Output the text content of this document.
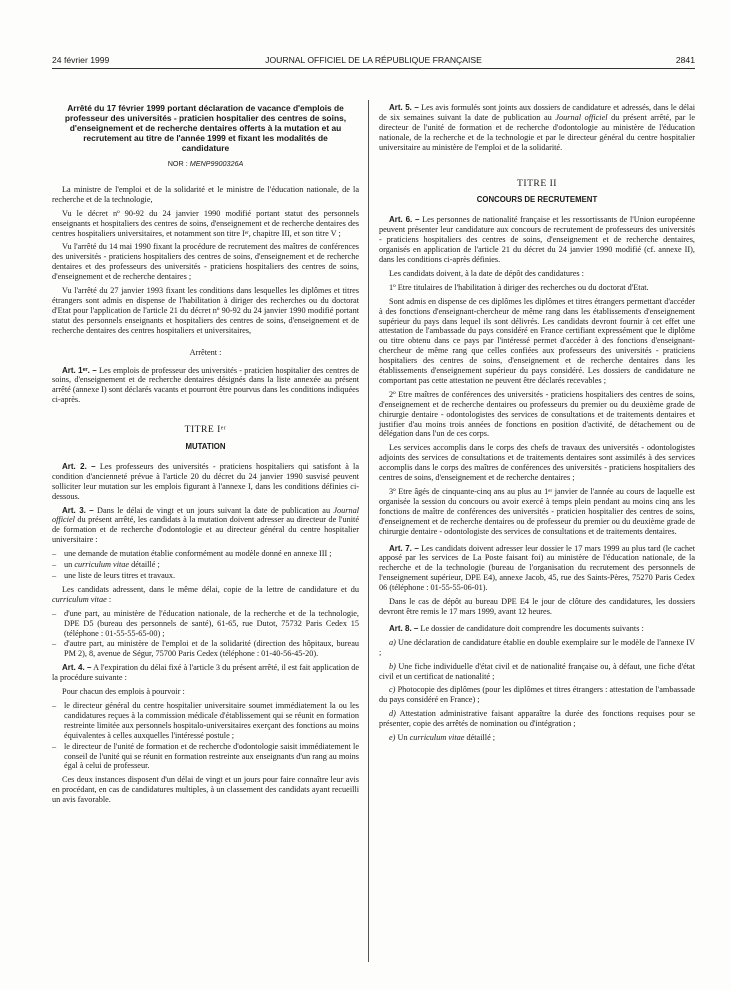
24 février 1999	JOURNAL OFFICIEL DE LA RÉPUBLIQUE FRANÇAISE	2841
Arrêté du 17 février 1999 portant déclaration de vacance d'emplois de professeur des universités - praticien hospitalier des centres de soins, d'enseignement et de recherche dentaires offerts à la mutation et au recrutement au titre de l'année 1999 et fixant les modalités de candidature
NOR : MENP9900326A

La ministre de l'emploi et de la solidarité et le ministre de l'éducation nationale, de la recherche et de la technologie,

Vu le décret nº 90-92 du 24 janvier 1990 modifié portant statut des personnels enseignants et hospitaliers des centres de soins, d'enseignement et de recherche dentaires des centres hospitaliers universitaires, et notamment son titre Iᵉʳ, chapitre III, et son titre V ;

Vu l'arrêté du 14 mai 1990 fixant la procédure de recrutement des maîtres de conférences des universités - praticiens hospitaliers des centres de soins, d'enseignement et de recherche dentaires et des professeurs des universités - praticiens hospitaliers des centres de soins, d'enseignement et de recherche dentaires ;

Vu l'arrêté du 27 janvier 1993 fixant les conditions dans lesquelles les diplômes et titres étrangers sont admis en dispense de l'habilitation à diriger des recherches ou du doctorat d'Etat pour l'application de l'article 21 du décret nº 90-92 du 24 janvier 1990 modifié portant statut des personnels enseignants et hospitaliers des centres de soins, d'enseignement et de recherche dentaires des centres hospitaliers et universitaires,

Arrêtent :

Art. 1ᵉʳ. – Les emplois de professeur des universités - praticien hospitalier des centres de soins, d'enseignement et de recherche dentaires désignés dans la liste annexée au présent arrêté (annexe I) sont déclarés vacants et pourront être pourvus dans les conditions indiquées ci-après.

TITRE Iᵉʳ
MUTATION

Art. 2. – Les professeurs des universités - praticiens hospitaliers qui satisfont à la condition d'ancienneté prévue à l'article 20 du décret du 24 janvier 1990 susvisé peuvent solliciter leur mutation sur les emplois figurant à l'annexe I, dans les conditions définies ci-dessous.

Art. 3. – Dans le délai de vingt et un jours suivant la date de publication au Journal officiel du présent arrêté, les candidats à la mutation doivent adresser au directeur de l'unité de formation et de recherche d'odontologie et au directeur général du centre hospitalier universitaire :

– une demande de mutation établie conformément au modèle donné en annexe III ;
– un curriculum vitae détaillé ;
– une liste de leurs titres et travaux.

Les candidats adressent, dans le même délai, copie de la lettre de candidature et du curriculum vitae :

– d'une part, au ministère de l'éducation nationale, de la recherche et de la technologie, DPE D5 (bureau des personnels de santé), 61-65, rue Dutot, 75732 Paris Cedex 15 (téléphone : 01-55-55-65-00) ;
– d'autre part, au ministère de l'emploi et de la solidarité (direction des hôpitaux, bureau PM 2), 8, avenue de Ségur, 75700 Paris Cedex (téléphone : 01-40-56-45-20).

Art. 4. – A l'expiration du délai fixé à l'article 3 du présent arrêté, il est fait application de la procédure suivante :

Pour chacun des emplois à pourvoir :

– le directeur général du centre hospitalier universitaire soumet immédiatement la ou les candidatures reçues à la commission médicale d'établissement qui se réunit en formation restreinte limitée aux personnels hospitalo-universitaires exerçant des fonctions au moins équivalentes à celles auxquelles l'intéressé postule ;
– le directeur de l'unité de formation et de recherche d'odontologie saisit immédiatement le conseil de l'unité qui se réunit en formation restreinte aux enseignants d'un rang au moins égal à celui de professeur.

Ces deux instances disposent d'un délai de vingt et un jours pour faire connaître leur avis en procédant, en cas de candidatures multiples, à un classement des candidats ayant recueilli un avis favorable.

Art. 5. – Les avis formulés sont joints aux dossiers de candidature et adressés, dans le délai de six semaines suivant la date de publication au Journal officiel du présent arrêté, par le directeur de l'unité de formation et de recherche d'odontologie au ministère de l'éducation nationale, de la recherche et de la technologie et par le directeur général du centre hospitalier universitaire au ministère de l'emploi et de la solidarité.

TITRE II
CONCOURS DE RECRUTEMENT

Art. 6. – Les personnes de nationalité française et les ressortissants de l'Union européenne peuvent présenter leur candidature aux concours de recrutement de professeurs des universités - praticiens hospitaliers des centres de soins, d'enseignement et de recherche dentaires, organisés en application de l'article 21 du décret du 24 janvier 1990 modifié (cf. annexe II), dans les conditions ci-après définies.

Les candidats doivent, à la date de dépôt des candidatures :

1º Etre titulaires de l'habilitation à diriger des recherches ou du doctorat d'Etat.

Sont admis en dispense de ces diplômes les diplômes et titres étrangers permettant d'accéder à des fonctions d'enseignant-chercheur de même rang dans les établissements d'enseignement supérieur du pays dans lequel ils sont délivrés. Les candidats devront fournir à cet effet une attestation de l'ambassade du pays considéré en France certifiant expressément que le diplôme ou titre obtenu dans ce pays par l'intéressé permet d'accéder à des fonctions d'enseignant-chercheur de même rang que celles confiées aux professeurs des universités - praticiens hospitaliers des centres de soins, d'enseignement et de recherche dentaires dans les établissements d'enseignement supérieur du pays considéré. Les dossiers de candidature ne comportant pas cette attestation ne peuvent être déclarés recevables ;

2º Etre maîtres de conférences des universités - praticiens hospitaliers des centres de soins, d'enseignement et de recherche dentaires ou professeurs du premier ou du deuxième grade de chirurgie dentaire - odontologistes des services de consultations et de traitements dentaires et justifier d'au moins trois années de fonctions en position d'activité, de détachement ou de délégation dans l'un de ces corps.

Les services accomplis dans le corps des chefs de travaux des universités - odontologistes adjoints des services de consultations et de traitements dentaires sont assimilés à des services accomplis dans le corps des maîtres de conférences des universités - praticiens hospitaliers des centres de soins, d'enseignement et de recherche dentaires ;

3º Etre âgés de cinquante-cinq ans au plus au 1ᵉʳ janvier de l'année au cours de laquelle est organisée la session du concours ou avoir exercé à temps plein pendant au moins cinq ans les fonctions de maître de conférences des universités - praticien hospitalier des centres de soins, d'enseignement et de recherche dentaires ou de professeur du premier ou du deuxième grade de chirurgie dentaire - odontologiste des services de consultations et de traitements dentaires.

Art. 7. – Les candidats doivent adresser leur dossier le 17 mars 1999 au plus tard (le cachet apposé par les services de La Poste faisant foi) au ministère de l'éducation nationale, de la recherche et de la technologie (bureau de l'organisation du recrutement des personnels de l'enseignement supérieur, DPE E4), annexe Jacob, 45, rue des Saints-Pères, 75270 Paris Cedex 06 (téléphone : 01-55-55-06-01).

Dans le cas de dépôt au bureau DPE E4 le jour de clôture des candidatures, les dossiers devront être remis le 17 mars 1999, avant 12 heures.

Art. 8. – Le dossier de candidature doit comprendre les documents suivants :

a) Une déclaration de candidature établie en double exemplaire sur le modèle de l'annexe IV ;

b) Une fiche individuelle d'état civil et de nationalité française ou, à défaut, une fiche d'état civil et un certificat de nationalité ;

c) Photocopie des diplômes (pour les diplômes et titres étrangers : attestation de l'ambassade du pays considéré en France) ;

d) Attestation administrative faisant apparaître la durée des fonctions requises pour se présenter, copie des arrêtés de nomination ou d'intégration ;

e) Un curriculum vitae détaillé ;
